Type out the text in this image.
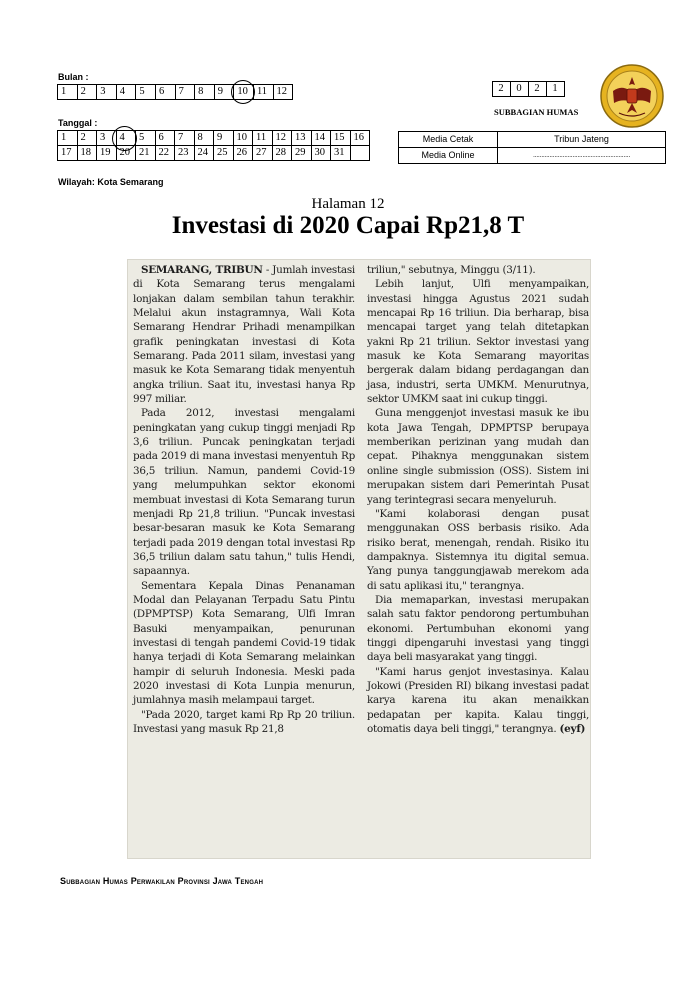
Bulan :
1	2	3	4	5	6	7	8	9	10	11	12
Tanggal :
1	2	3	4	5	6	7	8	9	10	11	12	13	14	15	16
17	18	19	20	21	22	23	24	25	26	27	28	29	30	31	
2	0	2	1
SUBBAGIAN HUMAS
Media Cetak	Tribun Jateng
Media Online	...........................................................
Wilayah: Kota Semarang
Halaman 12
Investasi di 2020 Capai Rp21,8 T

SEMARANG, TRIBUN - Jumlah investasi di Kota Semarang terus mengalami lonjakan dalam sembilan tahun terakhir. Melalui akun instagramnya, Wali Kota Semarang Hendrar Prihadi menampilkan grafik peningkatan investasi di Kota Semarang. Pada 2011 silam, investasi yang masuk ke Kota Semarang tidak menyentuh angka triliun. Saat itu, investasi hanya Rp 997 miliar.

Pada 2012, investasi mengalami peningkatan yang cukup tinggi menjadi Rp 3,6 triliun. Puncak peningkatan terjadi pada 2019 di mana investasi menyentuh Rp 36,5 triliun. Namun, pandemi Covid-19 yang melumpuhkan sektor ekonomi membuat investasi di Kota Semarang turun menjadi Rp 21,8 triliun. "Puncak investasi besar-besaran masuk ke Kota Semarang terjadi pada 2019 dengan total investasi Rp 36,5 triliun dalam satu tahun," tulis Hendi, sapaannya.

Sementara Kepala Dinas Penanaman Modal dan Pelayanan Terpadu Satu Pintu (DPMPTSP) Kota Semarang, Ulfi Imran Basuki menyampaikan, penurunan investasi di tengah pandemi Covid-19 tidak hanya terjadi di Kota Semarang melainkan hampir di seluruh Indonesia. Meski pada 2020 investasi di Kota Lunpia menurun, jumlahnya masih melampaui target.

"Pada 2020, target kami Rp Rp 20 triliun. Investasi yang masuk Rp 21,8

triliun," sebutnya, Minggu (3/11).

Lebih lanjut, Ulfi menyampaikan, investasi hingga Agustus 2021 sudah mencapai Rp 16 triliun. Dia berharap, bisa mencapai target yang telah ditetapkan yakni Rp 21 triliun. Sektor investasi yang masuk ke Kota Semarang mayoritas bergerak dalam bidang perdagangan dan jasa, industri, serta UMKM. Menurutnya, sektor UMKM saat ini cukup tinggi.

Guna menggenjot investasi masuk ke ibu kota Jawa Tengah, DPMPTSP berupaya memberikan perizinan yang mudah dan cepat. Pihaknya menggunakan sistem online single submission (OSS). Sistem ini merupakan sistem dari Pemerintah Pusat yang terintegrasi secara menyeluruh.

"Kami kolaborasi dengan pusat menggunakan OSS berbasis risiko. Ada risiko berat, menengah, rendah. Risiko itu dampaknya. Sistemnya itu digital semua. Yang punya tanggungjawab merekom ada di satu aplikasi itu," terangnya.

Dia memaparkan, investasi merupakan salah satu faktor pendorong pertumbuhan ekonomi. Pertumbuhan ekonomi yang tinggi dipengaruhi investasi yang tinggi daya beli masyarakat yang tinggi.

"Kami harus genjot investasinya. Kalau Jokowi (Presiden RI) bikang investasi padat karya karena itu akan menaikkan pedapatan per kapita. Kalau tinggi, otomatis daya beli tinggi," terangnya. (eyf)

Subbagian Humas Perwakilan Provinsi Jawa Tengah
